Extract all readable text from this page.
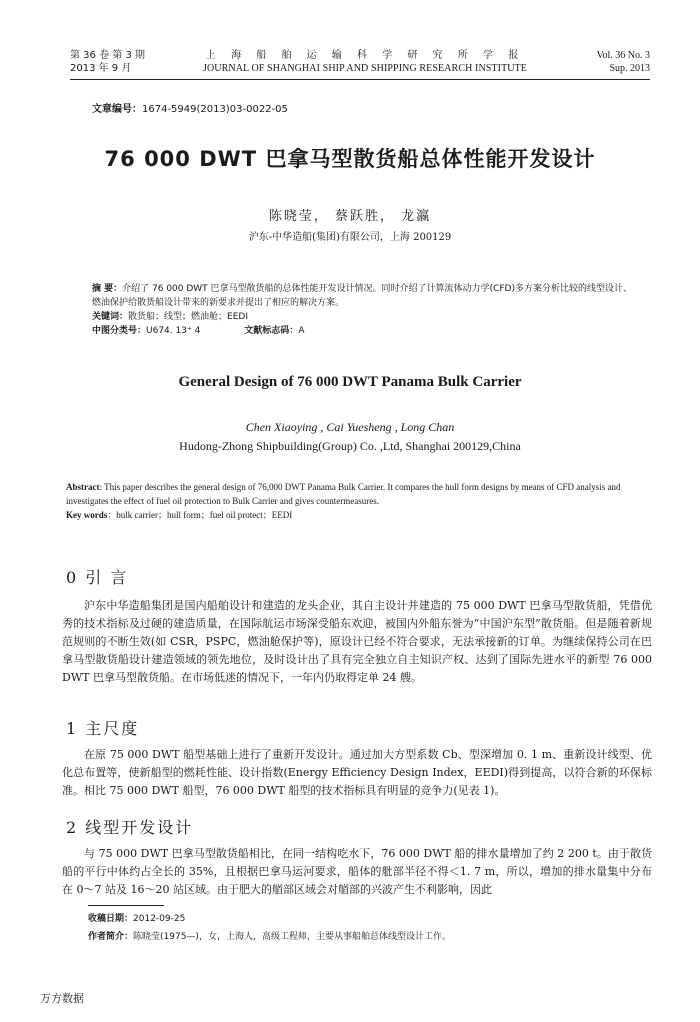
第 36 卷 第 3 期
2013 年 9 月
上 海 船 舶 运 输 科 学 研 究 所 学 报
JOURNAL OF SHANGHAI SHIP AND SHIPPING RESEARCH INSTITUTE
Vol. 36 No. 3
Sup. 2013
文章编号：1674-5949(2013)03-0022-05
76 000 DWT 巴拿马型散货船总体性能开发设计
陈晓莹， 蔡跃胜， 龙瀛
沪东-中华造船(集团)有限公司，上海 200129
摘 要：介绍了 76 000 DWT 巴拿马型散货船的总体性能开发设计情况。同时介绍了计算流体动力学(CFD)多方案分析比较的线型设计、燃油保护给散货船设计带来的新要求并提出了相应的解决方案。
关键词：散货船；线型；燃油舱；EEDI
中图分类号：U674. 13⁺ 4	文献标志码：A
General Design of 76 000 DWT Panama Bulk Carrier
Chen Xiaoying , Cai Yuesheng , Long Chan
Hudong-Zhong Shipbuilding(Group) Co. ,Ltd, Shanghai 200129,China
Abstract: This paper describes the general design of 76,000 DWT Panama Bulk Carrier. It compares the hull form designs by means of CFD analysis and investigates the effect of fuel oil protection to Bulk Carrier and gives countermeasures.
Key words：bulk carrier；hull form；fuel oil protect；EEDI
0 引 言
沪东中华造船集团是国内船舶设计和建造的龙头企业，其自主设计并建造的 75 000 DWT 巴拿马型散货船，凭借优秀的技术指标及过硬的建造质量，在国际航运市场深受船东欢迎，被国内外船东誉为“中国沪东型”散货船。但是随着新规范规则的不断生效(如 CSR，PSPC，燃油舱保护等)，原设计已经不符合要求，无法承接新的订单。为继续保持公司在巴拿马型散货船设计建造领域的领先地位，及时设计出了具有完全独立自主知识产权、达到了国际先进水平的新型 76 000 DWT 巴拿马型散货船。在市场低迷的情况下，一年内仍取得定单 24 艘。
1 主尺度
在原 75 000 DWT 船型基础上进行了重新开发设计。通过加大方型系数 Cb、型深增加 0. 1 m、重新设计线型、优化总布置等，使新船型的燃耗性能、设计指数(Energy Efficiency Design Index，EEDI)得到提高，以符合新的环保标准。相比 75 000 DWT 船型，76 000 DWT 船型的技术指标具有明显的竞争力(见表 1)。
2 线型开发设计
与 75 000 DWT 巴拿马型散货船相比，在同一结构吃水下，76 000 DWT 船的排水量增加了约 2 200 t。由于散货船的平行中体约占全长的 35%，且根据巴拿马运河要求，船体的舭部半径不得＜1. 7 m，所以，增加的排水量集中分布在 0～7 站及 16～20 站区域。由于肥大的艏部区域会对艏部的兴波产生不利影响，因此
收稿日期：2012-09-25
作者简介：陈晓莹(1975—)，女，上海人，高级工程师，主要从事船舶总体线型设计工作。
万方数据
